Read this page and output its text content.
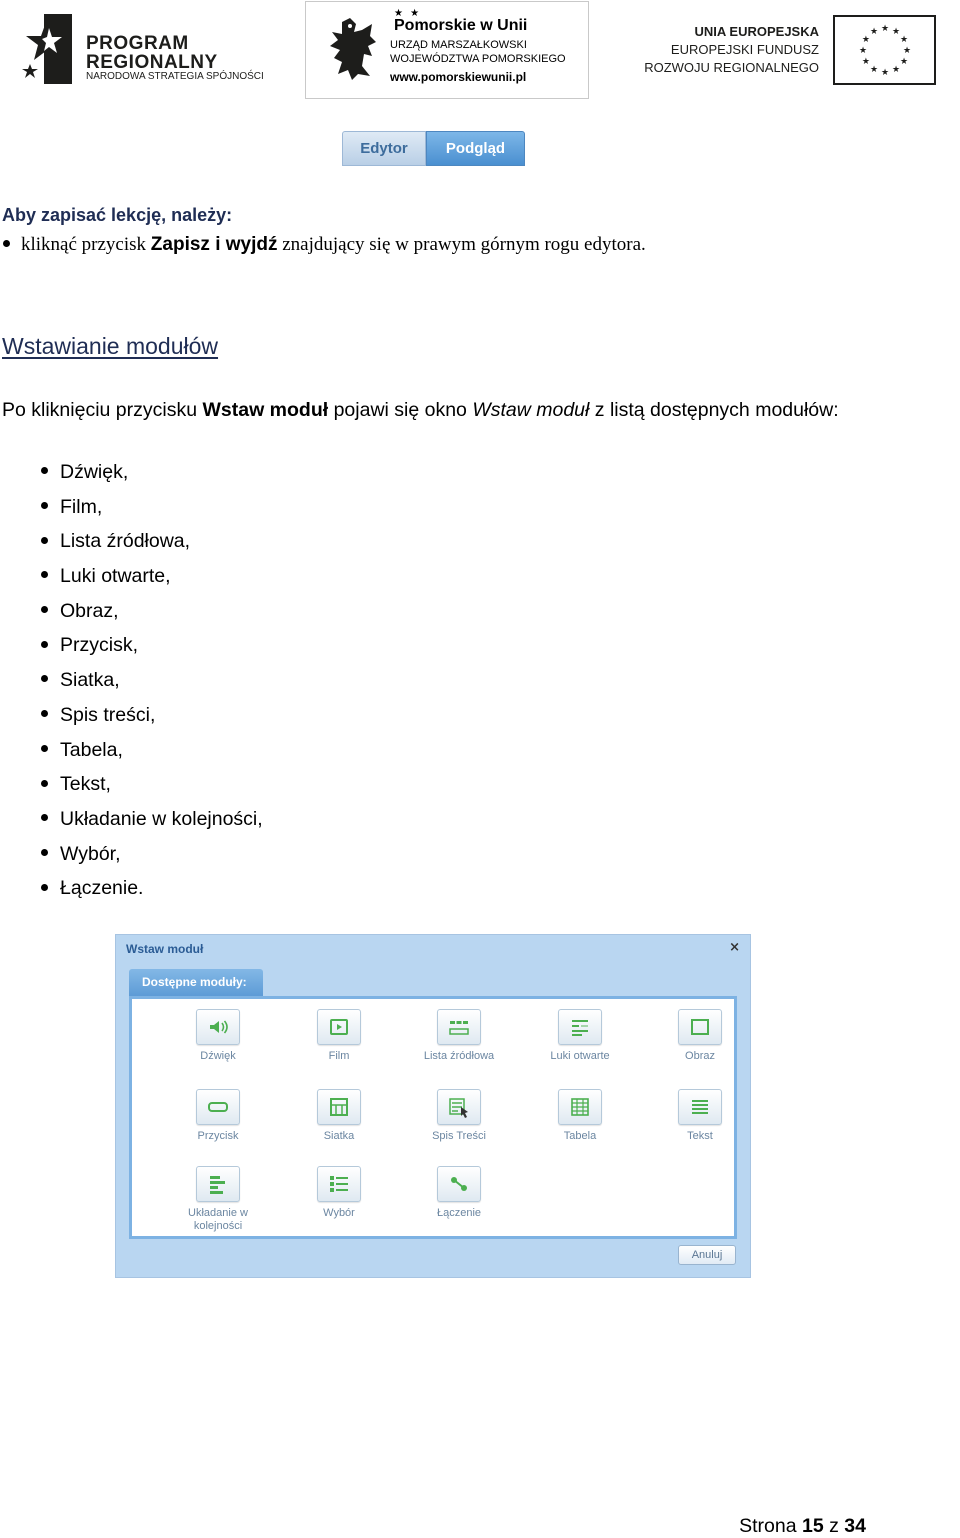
PROGRAM
REGIONALNY
NARODOWA STRATEGIA SPÓJNOŚCI
★ ★
Pomorskie w Unii
URZĄD MARSZAŁKOWSKI
WOJEWÓDZTWA POMORSKIEGO
www.pomorskiewunii.pl
UNIA EUROPEJSKA
EUROPEJSKI FUNDUSZ
ROZWOJU REGIONALNEGO
★ ★
★
★
★
★
★
★
★
★
★
★
Edytor	Podgląd
Aby zapisać lekcję, należy:
kliknąć przycisk Zapisz i wyjdź znajdujący się w prawym górnym rogu edytora.
Wstawianie modułów

Po kliknięciu przycisku Wstaw moduł pojawi się okno Wstaw moduł z listą dostępnych modułów:

Dźwięk,
Film,
Lista źródłowa,
Luki otwarte,
Obraz,
Przycisk,
Siatka,
Spis treści,
Tabela,
Tekst,
Układanie w kolejności,
Wybór,
Łączenie.
Wstaw moduł	×
Dostępne moduły:
Dźwięk	Film	Lista źródłowa	Luki otwarte	Obraz
Przycisk	Siatka	Spis Treści	Tabela	Tekst
Układanie w kolejności
Wybór	Łączenie
Anuluj
Strona 15 z 34
